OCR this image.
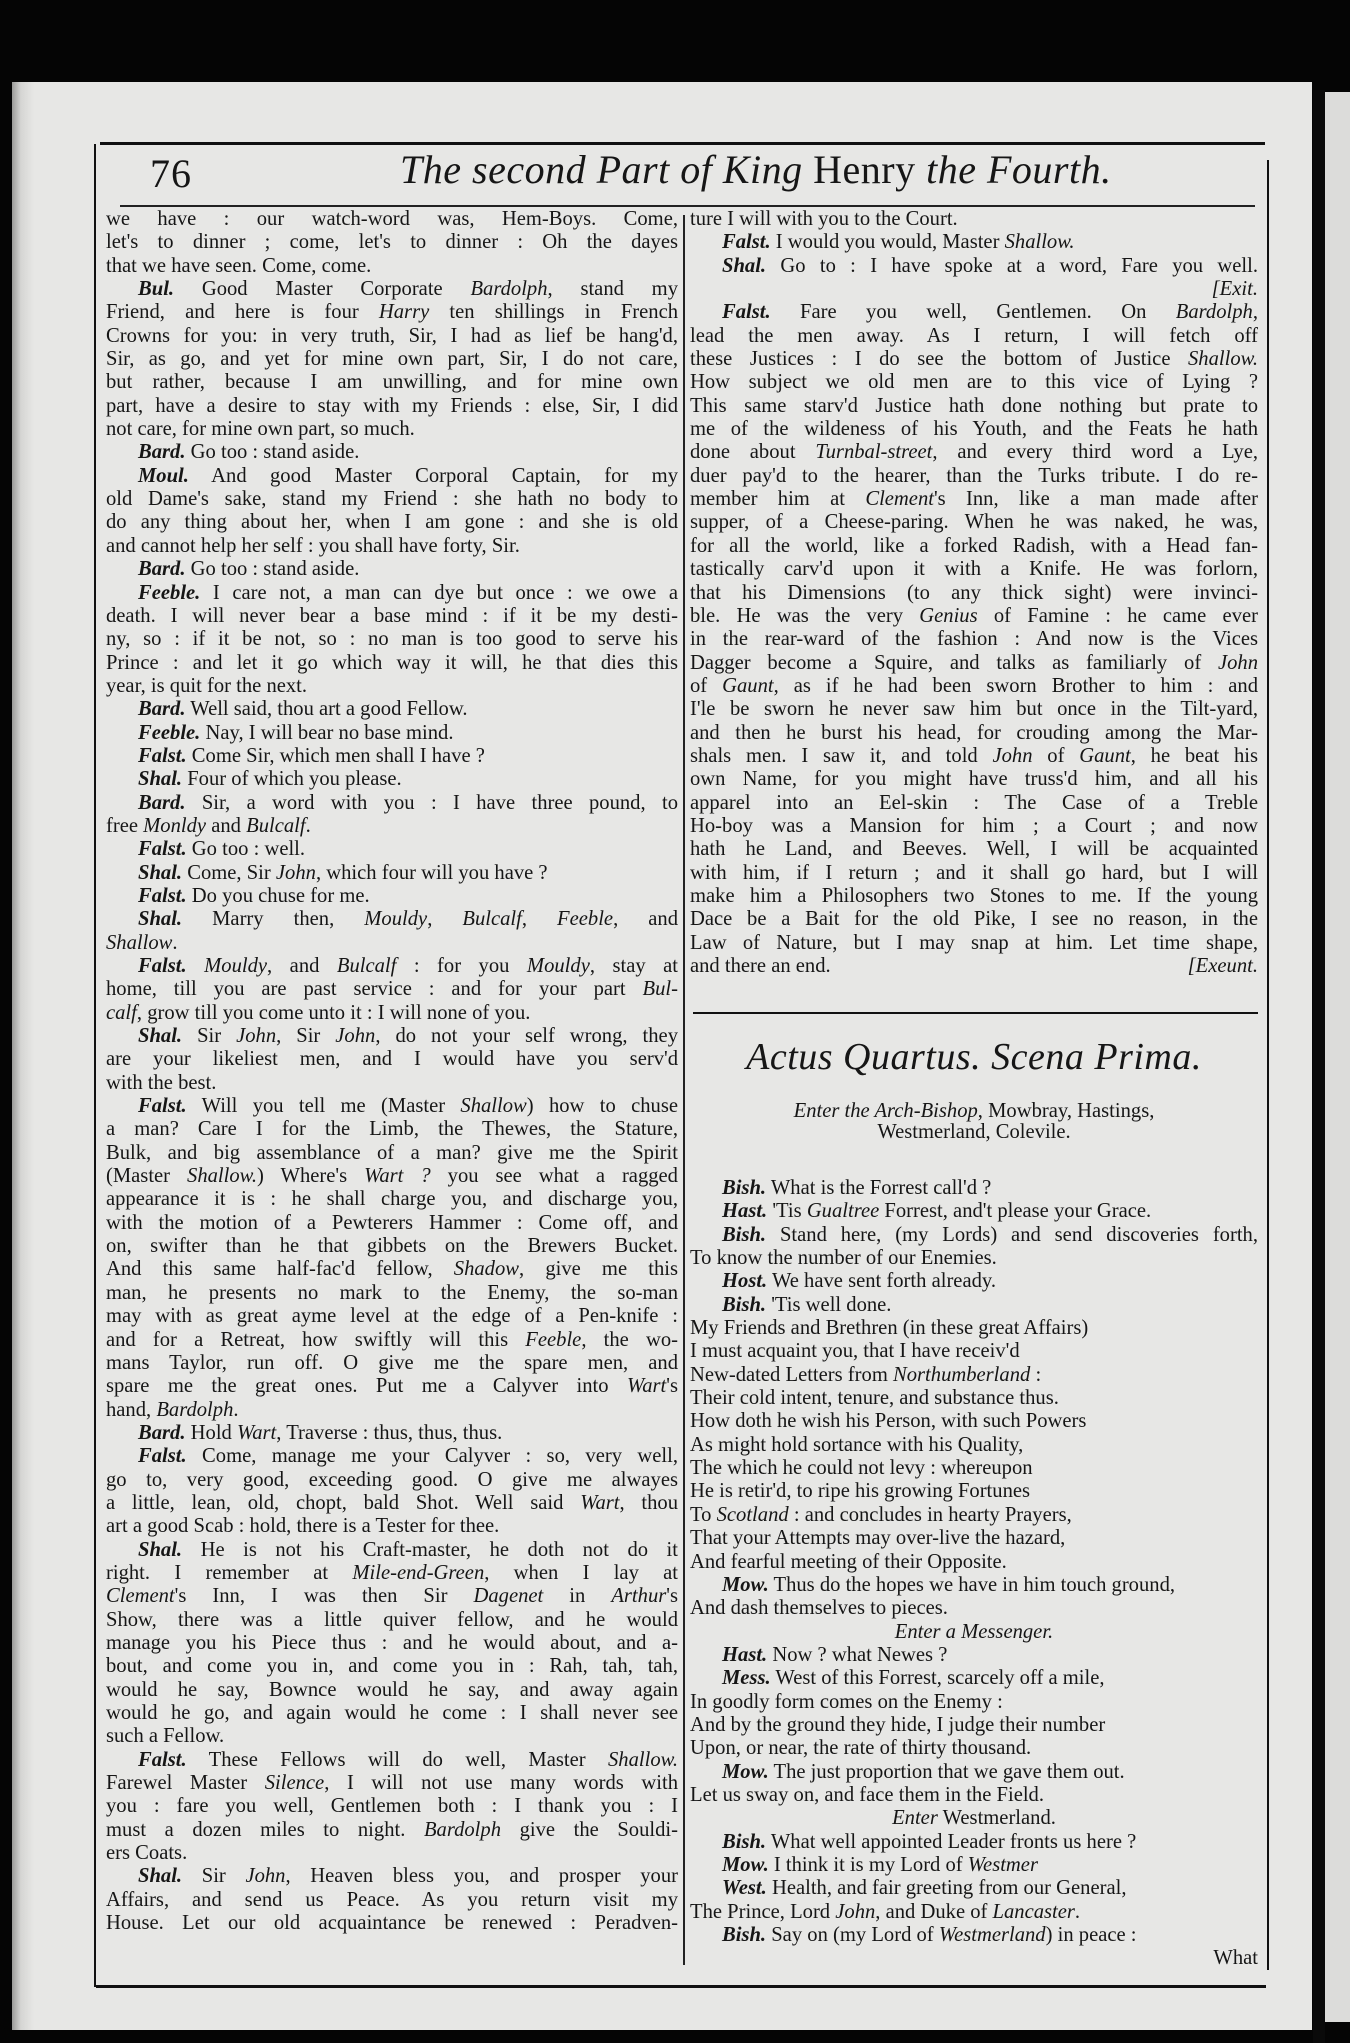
76	The second Part of King Henry the Fourth.
we have : our watch-word was, Hem-Boys. Come,
let's to dinner ; come, let's to dinner : Oh the dayes
that we have seen. Come, come.
Bul. Good Master Corporate Bardolph, stand my
Friend, and here is four Harry ten shillings in French
Crowns for you: in very truth, Sir, I had as lief be hang'd,
Sir, as go, and yet for mine own part, Sir, I do not care,
but rather, because I am unwilling, and for mine own
part, have a desire to stay with my Friends : else, Sir, I did
not care, for mine own part, so much.
Bard. Go too : stand aside.
Moul. And good Master Corporal Captain, for my
old Dame's sake, stand my Friend : she hath no body to
do any thing about her, when I am gone : and she is old
and cannot help her self : you shall have forty, Sir.
Bard. Go too : stand aside.
Feeble. I care not, a man can dye but once : we owe a
death. I will never bear a base mind : if it be my desti-
ny, so : if it be not, so : no man is too good to serve his
Prince : and let it go which way it will, he that dies this
year, is quit for the next.
Bard. Well said, thou art a good Fellow.
Feeble. Nay, I will bear no base mind.
Falst. Come Sir, which men shall I have ?
Shal. Four of which you please.
Bard. Sir, a word with you : I have three pound, to
free Monldy and Bulcalf.
Falst. Go too : well.
Shal. Come, Sir John, which four will you have ?
Falst. Do you chuse for me.
Shal. Marry then, Mouldy, Bulcalf, Feeble, and
Shallow.
Falst. Mouldy, and Bulcalf : for you Mouldy, stay at
home, till you are past service : and for your part Bul-
calf, grow till you come unto it : I will none of you.
Shal. Sir John, Sir John, do not your self wrong, they
are your likeliest men, and I would have you serv'd
with the best.
Falst. Will you tell me (Master Shallow) how to chuse
a man? Care I for the Limb, the Thewes, the Stature,
Bulk, and big assemblance of a man? give me the Spirit
(Master Shallow.) Where's Wart ? you see what a ragged
appearance it is : he shall charge you, and discharge you,
with the motion of a Pewterers Hammer : Come off, and
on, swifter than he that gibbets on the Brewers Bucket.
And this same half-fac'd fellow, Shadow, give me this
man, he presents no mark to the Enemy, the so-man
may with as great ayme level at the edge of a Pen-knife :
and for a Retreat, how swiftly will this Feeble, the wo-
mans Taylor, run off. O give me the spare men, and
spare me the great ones. Put me a Calyver into Wart's
hand, Bardolph.
Bard. Hold Wart, Traverse : thus, thus, thus.
Falst. Come, manage me your Calyver : so, very well,
go to, very good, exceeding good. O give me alwayes
a little, lean, old, chopt, bald Shot. Well said Wart, thou
art a good Scab : hold, there is a Tester for thee.
Shal. He is not his Craft-master, he doth not do it
right. I remember at Mile-end-Green, when I lay at
Clement's Inn, I was then Sir Dagenet in Arthur's
Show, there was a little quiver fellow, and he would
manage you his Piece thus : and he would about, and a-
bout, and come you in, and come you in : Rah, tah, tah,
would he say, Bownce would he say, and away again
would he go, and again would he come : I shall never see
such a Fellow.
Falst. These Fellows will do well, Master Shallow.
Farewel Master Silence, I will not use many words with
you : fare you well, Gentlemen both : I thank you : I
must a dozen miles to night. Bardolph give the Souldi-
ers Coats.
Shal. Sir John, Heaven bless you, and prosper your
Affairs, and send us Peace. As you return visit my
House. Let our old acquaintance be renewed : Peradven-
ture I will with you to the Court.
Falst. I would you would, Master Shallow.
Shal. Go to : I have spoke at a word, Fare you well.
[Exit.
Falst. Fare you well, Gentlemen. On Bardolph,
lead the men away. As I return, I will fetch off
these Justices : I do see the bottom of Justice Shallow.
How subject we old men are to this vice of Lying ?
This same starv'd Justice hath done nothing but prate to
me of the wildeness of his Youth, and the Feats he hath
done about Turnbal-street, and every third word a Lye,
duer pay'd to the hearer, than the Turks tribute. I do re-
member him at Clement's Inn, like a man made after
supper, of a Cheese-paring. When he was naked, he was,
for all the world, like a forked Radish, with a Head fan-
tastically carv'd upon it with a Knife. He was forlorn,
that his Dimensions (to any thick sight) were invinci-
ble. He was the very Genius of Famine : he came ever
in the rear-ward of the fashion : And now is the Vices
Dagger become a Squire, and talks as familiarly of John
of Gaunt, as if he had been sworn Brother to him : and
I'le be sworn he never saw him but once in the Tilt-yard,
and then he burst his head, for crouding among the Mar-
shals men. I saw it, and told John of Gaunt, he beat his
own Name, for you might have truss'd him, and all his
apparel into an Eel-skin : The Case of a Treble
Ho-boy was a Mansion for him ; a Court ; and now
hath he Land, and Beeves. Well, I will be acquainted
with him, if I return ; and it shall go hard, but I will
make him a Philosophers two Stones to me. If the young
Dace be a Bait for the old Pike, I see no reason, in the
Law of Nature, but I may snap at him. Let time shape,
and there an end.	[Exeunt.
Actus Quartus. Scena Prima.
Enter the Arch-Bishop, Mowbray, Hastings,
Westmerland, Colevile.
Bish. What is the Forrest call'd ?
Hast. 'Tis Gualtree Forrest, and't please your Grace.
Bish. Stand here, (my Lords) and send discoveries forth,
To know the number of our Enemies.
Host. We have sent forth already.
Bish. 'Tis well done.
My Friends and Brethren (in these great Affairs)
I must acquaint you, that I have receiv'd
New-dated Letters from Northumberland :
Their cold intent, tenure, and substance thus.
How doth he wish his Person, with such Powers
As might hold sortance with his Quality,
The which he could not levy : whereupon
He is retir'd, to ripe his growing Fortunes
To Scotland : and concludes in hearty Prayers,
That your Attempts may over-live the hazard,
And fearful meeting of their Opposite.
Mow. Thus do the hopes we have in him touch ground,
And dash themselves to pieces.
Enter a Messenger.
Hast. Now ? what Newes ?
Mess. West of this Forrest, scarcely off a mile,
In goodly form comes on the Enemy :
And by the ground they hide, I judge their number
Upon, or near, the rate of thirty thousand.
Mow. The just proportion that we gave them out.
Let us sway on, and face them in the Field.
Enter Westmerland.
Bish. What well appointed Leader fronts us here ?
Mow. I think it is my Lord of Westmer
West. Health, and fair greeting from our General,
The Prince, Lord John, and Duke of Lancaster.
Bish. Say on (my Lord of Westmerland) in peace :
What
